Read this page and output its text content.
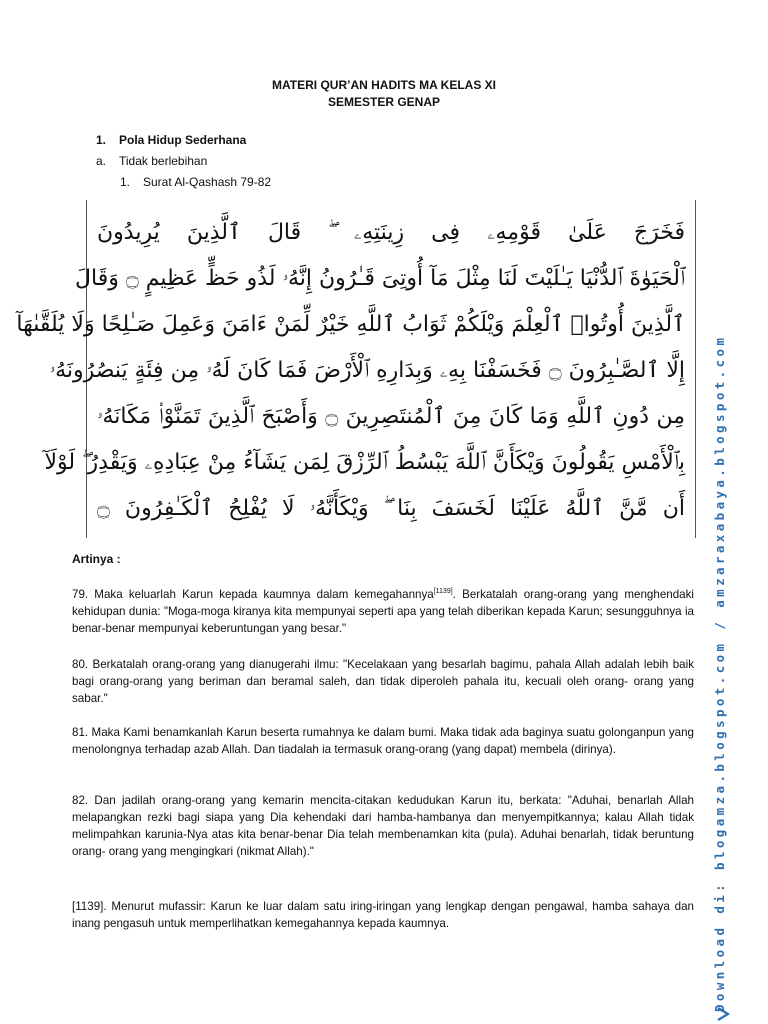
MATERI QUR’AN HADITS MA KELAS XI
SEMESTER GENAP
1. Pola Hidup Sederhana
a. Tidak berlebihan
1. Surat Al-Qashash 79-82
فَخَرَجَ عَلَىٰ قَوْمِهِۦ فِى زِينَتِهِۦ ۖ قَالَ ٱلَّذِينَ يُرِيدُونَ
ٱلْحَيَوٰةَ ٱلدُّنْيَا يَـٰلَيْتَ لَنَا مِثْلَ مَآ أُوتِىَ قَـٰرُونُ إِنَّهُۥ لَذُو حَظٍّ عَظِيمٍ ۝ وَقَالَ
ٱلَّذِينَ أُوتُوا۟ ٱلْعِلْمَ وَيْلَكُمْ ثَوَابُ ٱللَّهِ خَيْرٌ لِّمَنْ ءَامَنَ وَعَمِلَ صَـٰلِحًا وَلَا يُلَقَّىٰهَآ
إِلَّا ٱلصَّـٰبِرُونَ ۝ فَخَسَفْنَا بِهِۦ وَبِدَارِهِ ٱلْأَرْضَ فَمَا كَانَ لَهُۥ مِن فِئَةٍ يَنصُرُونَهُۥ
مِن دُونِ ٱللَّهِ وَمَا كَانَ مِنَ ٱلْمُنتَصِرِينَ ۝ وَأَصْبَحَ ٱلَّذِينَ تَمَنَّوْا۟ مَكَانَهُۥ
بِٱلْأَمْسِ يَقُولُونَ وَيْكَأَنَّ ٱللَّهَ يَبْسُطُ ٱلرِّزْقَ لِمَن يَشَآءُ مِنْ عِبَادِهِۦ وَيَقْدِرُ ۖ لَوْلَآ
أَن مَّنَّ ٱللَّهُ عَلَيْنَا لَخَسَفَ بِنَا ۖ وَيْكَأَنَّهُۥ لَا يُفْلِحُ ٱلْكَـٰفِرُونَ ۝
Artinya :
79. Maka keluarlah Karun kepada kaumnya dalam kemegahannya[1139]. Berkatalah orang-orang yang menghendaki kehidupan dunia: "Moga-moga kiranya kita mempunyai seperti apa yang telah diberikan kepada Karun; sesungguhnya ia benar-benar mempunyai keberuntungan yang besar."
80. Berkatalah orang-orang yang dianugerahi ilmu: "Kecelakaan yang besarlah bagimu, pahala Allah adalah lebih baik bagi orang-orang yang beriman dan beramal saleh, dan tidak diperoleh pahala itu, kecuali oleh orang- orang yang sabar."
81. Maka Kami benamkanlah Karun beserta rumahnya ke dalam bumi. Maka tidak ada baginya suatu golonganpun yang menolongnya terhadap azab Allah. Dan tiadalah ia termasuk orang-orang (yang dapat) membela (dirinya).
82. Dan jadilah orang-orang yang kemarin mencita-citakan kedudukan Karun itu, berkata: "Aduhai, benarlah Allah melapangkan rezki bagi siapa yang Dia kehendaki dari hamba-hambanya dan menyempitkannya; kalau Allah tidak melimpahkan karunia-Nya atas kita benar-benar Dia telah membenamkan kita (pula). Aduhai benarlah, tidak beruntung orang- orang yang mengingkari (nikmat Allah)."
[1139]. Menurut mufassir: Karun ke luar dalam satu iring-iringan yang lengkap dengan pengawal, hamba sahaya dan inang pengasuh untuk memperlihatkan kemegahannya kepada kaumnya.	Download di: blogamza.blogspot.com / amzaraxabaya.blogspot.com
